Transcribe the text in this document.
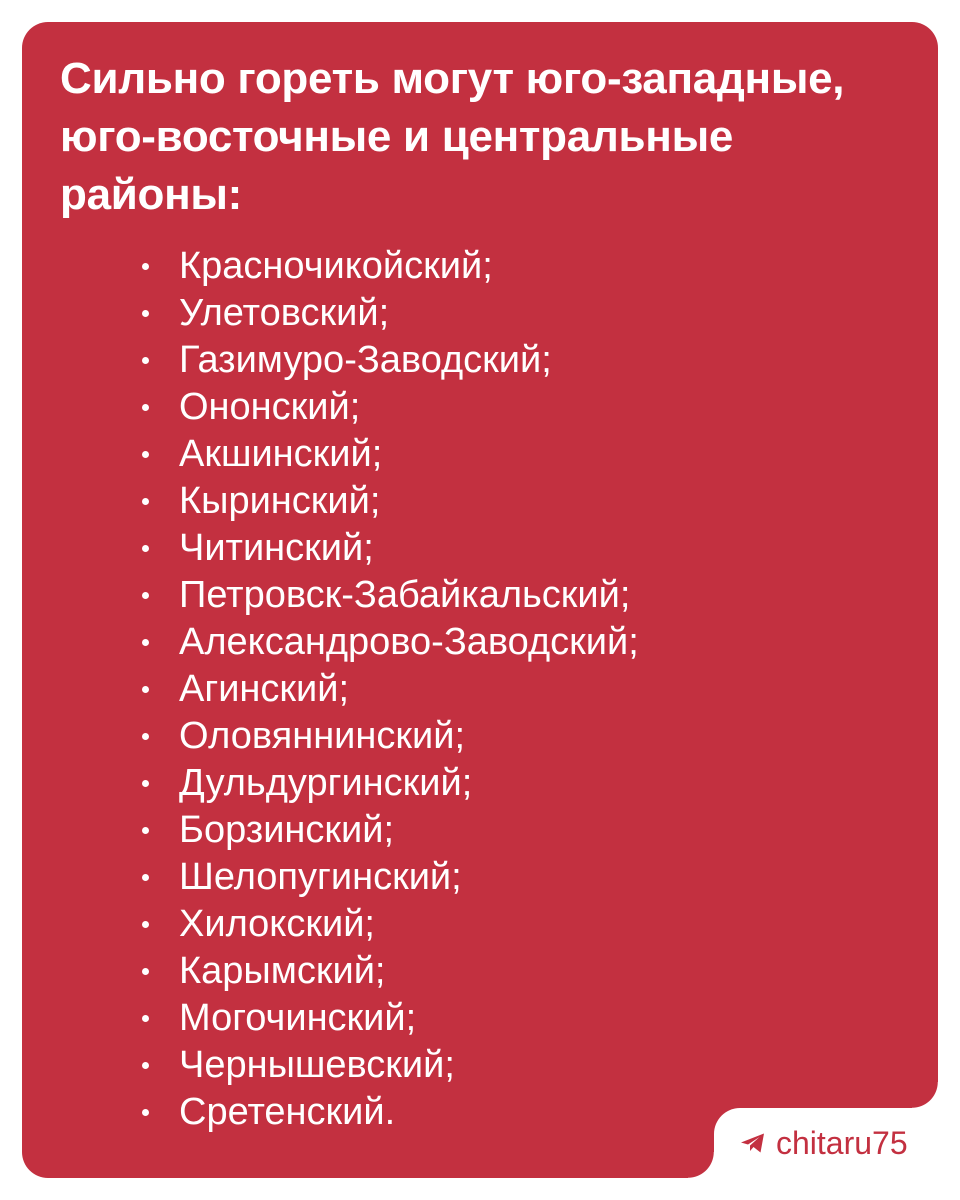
Сильно гореть могут юго-западные, юго-восточные и центральные районы:
Красночикойский;
Улетовский;
Газимуро-Заводский;
Ононский;
Акшинский;
Кыринский;
Читинский;
Петровск-Забайкальский;
Александрово-Заводский;
Агинский;
Оловяннинский;
Дульдургинский;
Борзинский;
Шелопугинский;
Хилокский;
Карымский;
Могочинский;
Чернышевский;
Сретенский.
chitaru75
